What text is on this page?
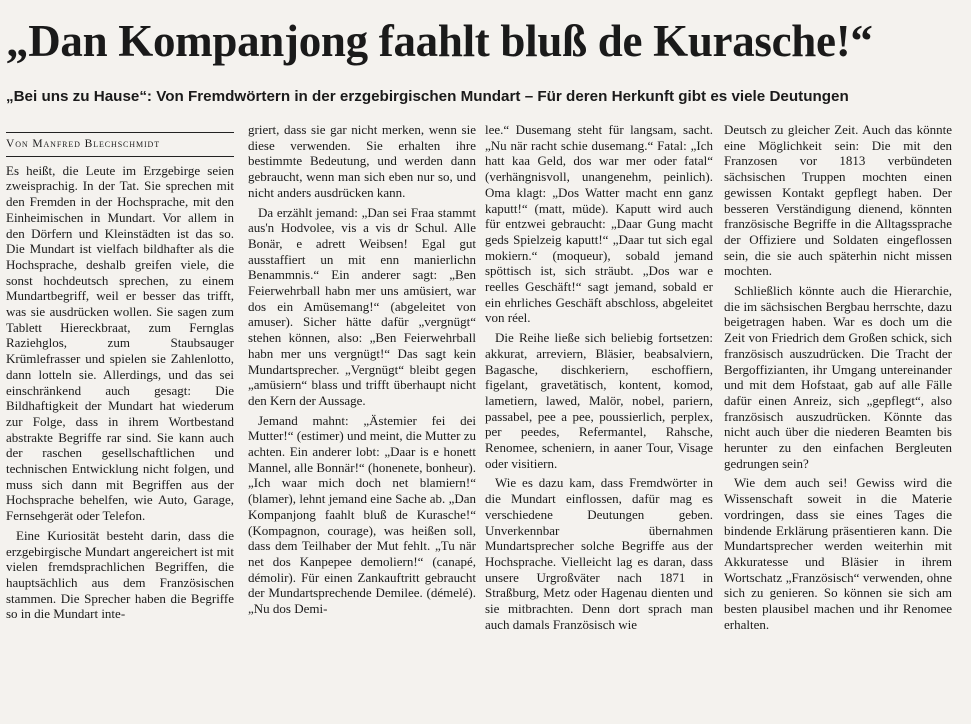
„Dan Kompanjong faahlt bluß de Kurasche!“
„Bei uns zu Hause“: Von Fremdwörtern in der erzgebirgischen Mundart – Für deren Herkunft gibt es viele Deutungen
Von Manfred Blechschmidt

Es heißt, die Leute im Erzgebirge seien zweisprachig. In der Tat. Sie sprechen mit den Fremden in der Hochsprache, mit den Einheimischen in Mundart. Vor allem in den Dörfern und Kleinstädten ist das so. Die Mundart ist vielfach bildhafter als die Hochsprache, deshalb greifen viele, die sonst hochdeutsch sprechen, zu einem Mundartbegriff, weil er besser das trifft, was sie ausdrücken wollen. Sie sagen zum Tablett Hiereckbraat, zum Fernglas Raziehglos, zum Staubsauger Krümlefrasser und spielen sie Zahlenlotto, dann lotteln sie. Allerdings, und das sei einschränkend auch gesagt: Die Bildhaftigkeit der Mundart hat wiederum zur Folge, dass in ihrem Wortbestand abstrakte Begriffe rar sind. Sie kann auch der raschen gesellschaftlichen und technischen Entwicklung nicht folgen, und muss sich dann mit Begriffen aus der Hochsprache behelfen, wie Auto, Garage, Fernsehgerät oder Telefon.

Eine Kuriosität besteht darin, dass die erzgebirgische Mundart angereichert ist mit vielen fremdsprachlichen Begriffen, die hauptsächlich aus dem Französischen stammen. Die Sprecher haben die Begriffe so in die Mundart inte-

griert, dass sie gar nicht merken, wenn sie diese verwenden. Sie erhalten ihre bestimmte Bedeutung, und werden dann gebraucht, wenn man sich eben nur so, und nicht anders ausdrücken kann.

Da erzählt jemand: „Dan sei Fraa stammt aus'n Hodvolee, vis a vis dr Schul. Alle Bonär, e adrett Weibsen! Egal gut ausstaffiert un mit enn manierlichn Benammnis.“ Ein anderer sagt: „Ben Feierwehrball habn mer uns amüsiert, war dos ein Amüsemang!“ (abgeleitet von amuser). Sicher hätte dafür „vergnügt“ stehen können, also: „Ben Feierwehrball habn mer uns vergnügt!“ Das sagt kein Mundartsprecher. „Vergnügt“ bleibt gegen „amüsiern“ blass und trifft überhaupt nicht den Kern der Aussage.

Jemand mahnt: „Ästemier fei dei Mutter!“ (estimer) und meint, die Mutter zu achten. Ein anderer lobt: „Daar is e honett Mannel, alle Bonnär!“ (honenete, bonheur). „Ich waar mich doch net blamiern!“ (blamer), lehnt jemand eine Sache ab. „Dan Kompanjong faahlt bluß de Kurasche!“ (Kompagnon, courage), was heißen soll, dass dem Teilhaber der Mut fehlt. „Tu när net dos Kanpepee demoliern!“ (canapé, démolir). Für einen Zankauftritt gebraucht der Mundartsprechende Demilee. (démelé). „Nu dos Demi-

lee.“ Dusemang steht für langsam, sacht. „Nu när racht schie dusemang.“ Fatal: „Ich hatt kaa Geld, dos war mer oder fatal“ (verhängnisvoll, unangenehm, peinlich). Oma klagt: „Dos Watter macht enn ganz kaputt!“ (matt, müde). Kaputt wird auch für entzwei gebraucht: „Daar Gung macht geds Spielzeig kaputt!“ „Daar tut sich egal mokiern.“ (moqueur), sobald jemand spöttisch ist, sich sträubt. „Dos war e reelles Geschäft!“ sagt jemand, sobald er ein ehrliches Geschäft abschloss, abgeleitet von réel.

Die Reihe ließe sich beliebig fortsetzen: akkurat, arreviern, Bläsier, beabsalviern, Bagasche, dischkeriern, eschoffiern, figelant, gravetätisch, kontent, komod, lametiern, lawed, Malör, nobel, pariern, passabel, pee a pee, poussierlich, perplex, per peedes, Refermantel, Rahsche, Renomee, scheniern, in aaner Tour, Visage oder visitiern.

Wie es dazu kam, dass Fremdwörter in die Mundart einflossen, dafür mag es verschiedene Deutungen geben. Unverkennbar übernahmen Mundartsprecher solche Begriffe aus der Hochsprache. Vielleicht lag es daran, dass unsere Urgroßväter nach 1871 in Straßburg, Metz oder Hagenau dienten und sie mitbrachten. Denn dort sprach man auch damals Französisch wie

Deutsch zu gleicher Zeit. Auch das könnte eine Möglichkeit sein: Die mit den Franzosen vor 1813 verbündeten sächsischen Truppen mochten einen gewissen Kontakt gepflegt haben. Der besseren Verständigung dienend, könnten französische Begriffe in die Alltagssprache der Offiziere und Soldaten eingeflossen sein, die sie auch späterhin nicht missen mochten.

Schließlich könnte auch die Hierarchie, die im sächsischen Bergbau herrschte, dazu beigetragen haben. War es doch um die Zeit von Friedrich dem Großen schick, sich französisch auszudrücken. Die Tracht der Bergoffizianten, ihr Umgang untereinander und mit dem Hofstaat, gab auf alle Fälle dafür einen Anreiz, sich „gepflegt“, also französisch auszudrücken. Könnte das nicht auch über die niederen Beamten bis herunter zu den einfachen Bergleuten gedrungen sein?

Wie dem auch sei! Gewiss wird die Wissenschaft soweit in die Materie vordringen, dass sie eines Tages die bindende Erklärung präsentieren kann. Die Mundartsprecher werden weiterhin mit Akkuratesse und Bläsier in ihrem Wortschatz „Französisch“ verwenden, ohne sich zu genieren. So können sie sich am besten plausibel machen und ihr Renomee erhalten.
